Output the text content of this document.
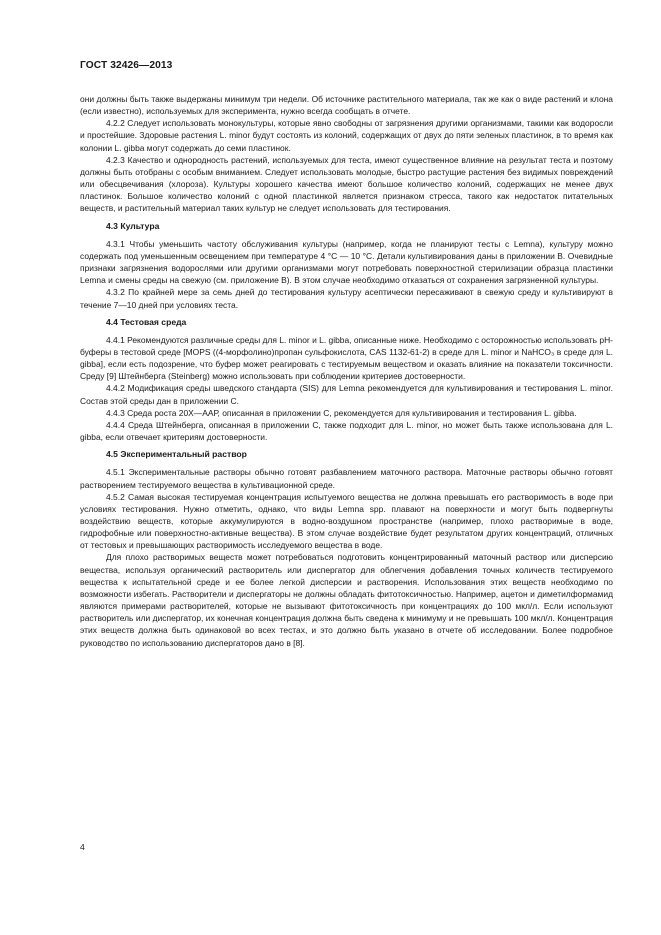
ГОСТ 32426—2013

они должны быть также выдержаны минимум три недели. Об источнике растительного материала, так же как о виде растений и клона (если известно), используемых для эксперимента, нужно всегда сообщать в отчете.

4.2.2 Следует использовать монокультуры, которые явно свободны от загрязнения другими организмами, такими как водоросли и простейшие. Здоровые растения L. minor будут состоять из колоний, содержащих от двух до пяти зеленых пластинок, в то время как колонии L. gibba могут содержать до семи пластинок.

4.2.3 Качество и однородность растений, используемых для теста, имеют существенное влияние на результат теста и поэтому должны быть отобраны с особым вниманием. Следует использовать молодые, быстро растущие растения без видимых повреждений или обесцвечивания (хлороза). Культуры хорошего качества имеют большое количество колоний, содержащих не менее двух пластинок. Большое количество колоний с одной пластинкой является признаком стресса, такого как недостаток питательных веществ, и растительный материал таких культур не следует использовать для тестирования.

4.3 Культура

4.3.1 Чтобы уменьшить частоту обслуживания культуры (например, когда не планируют тесты с Lemna), культуру можно содержать под уменьшенным освещением при температуре 4 °С — 10 °С. Детали культивирования даны в приложении В. Очевидные признаки загрязнения водорослями или другими организмами могут потребовать поверхностной стерилизации образца пластинки Lemna и смены среды на свежую (см. приложение В). В этом случае необходимо отказаться от сохранения загрязненной культуры.

4.3.2 По крайней мере за семь дней до тестирования культуру асептически пересаживают в свежую среду и культивируют в течение 7—10 дней при условиях теста.

4.4 Тестовая среда

4.4.1 Рекомендуются различные среды для L. minor и L. gibba, описанные ниже. Необходимо с осторожностью использовать рН-буферы в тестовой среде [MOPS ((4-морфолино)пропан сульфокислота, CAS 1132-61-2) в среде для L. minor и NaHCO₃ в среде для L. gibba], если есть подозрение, что буфер может реагировать с тестируемым веществом и оказать влияние на показатели токсичности. Среду [9] Штейнберга (Steinberg) можно использовать при соблюдении критериев достоверности.

4.4.2 Модификация среды шведского стандарта (SIS) для Lemna рекомендуется для культивирования и тестирования L. minor. Состав этой среды дан в приложении С.

4.4.3 Среда роста 20Х—ААР, описанная в приложении С, рекомендуется для культивирования и тестирования L. gibba.

4.4.4 Среда Штейнберга, описанная в приложении С, также подходит для L. minor, но может быть также использована для L. gibba, если отвечает критериям достоверности.

4.5 Экспериментальный раствор

4.5.1 Экспериментальные растворы обычно готовят разбавлением маточного раствора. Маточные растворы обычно готовят растворением тестируемого вещества в культивационной среде.

4.5.2 Самая высокая тестируемая концентрация испытуемого вещества не должна превышать его растворимость в воде при условиях тестирования. Нужно отметить, однако, что виды Lemna spp. плавают на поверхности и могут быть подвергнуты воздействию веществ, которые аккумулируются в водно-воздушном пространстве (например, плохо растворимые в воде, гидрофобные или поверхностно-активные вещества). В этом случае воздействие будет результатом других концентраций, отличных от тестовых и превышающих растворимость исследуемого вещества в воде.

Для плохо растворимых веществ может потребоваться подготовить концентрированный маточный раствор или дисперсию вещества, используя органический растворитель или диспергатор для облегчения добавления точных количеств тестируемого вещества к испытательной среде и ее более легкой дисперсии и растворения. Использования этих веществ необходимо по возможности избегать. Растворители и диспергаторы не должны обладать фитотоксичностью. Например, ацетон и диметилформамид являются примерами растворителей, которые не вызывают фитотоксичность при концентрациях до 100 мкл/л. Если используют растворитель или диспергатор, их конечная концентрация должна быть сведена к минимуму и не превышать 100 мкл/л. Концентрация этих веществ должна быть одинаковой во всех тестах, и это должно быть указано в отчете об исследовании. Более подробное руководство по использованию диспергаторов дано в [8].

4
